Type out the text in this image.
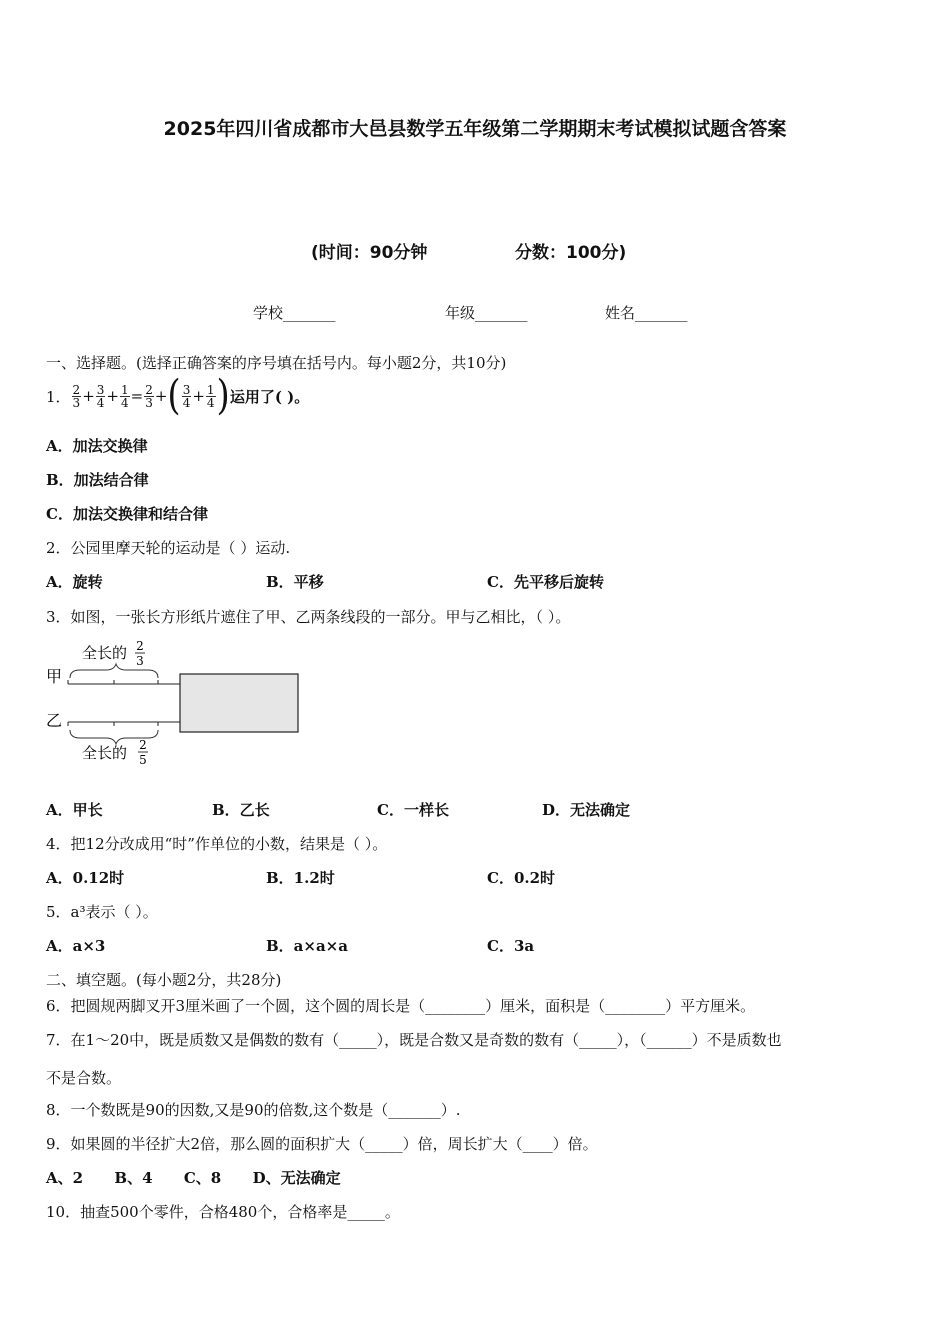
2025年四川省成都市大邑县数学五年级第二学期期末考试模拟试题含答案
(时间：90分钟	分数：100分)
学校_______	年级_______	姓名_______
一、选择题。(选择正确答案的序号填在括号内。每小题2分，共10分)
1． $\frac{2}{3} + \frac{3}{4} + \frac{1}{4} = \frac{2}{3}$ + ( $\frac{3}{4} + \frac{1}{4}$ ) 运用了( )。
A．加法交换律
B．加法结合律
C．加法交换律和结合律
2．公园里摩天轮的运动是（ ）运动.
A．旋转	B．平移	C．先平移后旋转
3．如图，一张长方形纸片遮住了甲、乙两条线段的一部分。甲与乙相比，（ ）。
甲
乙
全长的 2
3
全长的 2
5
A．甲长	B．乙长	C．一样长	D．无法确定
4．把12分改成用“时”作单位的小数，结果是（ ）。
A．0.12时	B．1.2时	C．0.2时
5．a³表示（ ）。
A．a×3	B．a×a×a	C．3a
二、填空题。(每小题2分，共28分)
6．把圆规两脚叉开3厘米画了一个圆，这个圆的周长是（________）厘米，面积是（________）平方厘米。
7．在1～20中，既是质数又是偶数的数有（_____），既是合数又是奇数的数有（_____），（______）不是质数也
不是合数。
8．一个数既是90的因数,又是90的倍数,这个数是（_______）.
9．如果圆的半径扩大2倍，那么圆的面积扩大（_____）倍，周长扩大（____）倍。
A、2      B、4      C、8      D、无法确定
10．抽查500个零件，合格480个，合格率是_____。
